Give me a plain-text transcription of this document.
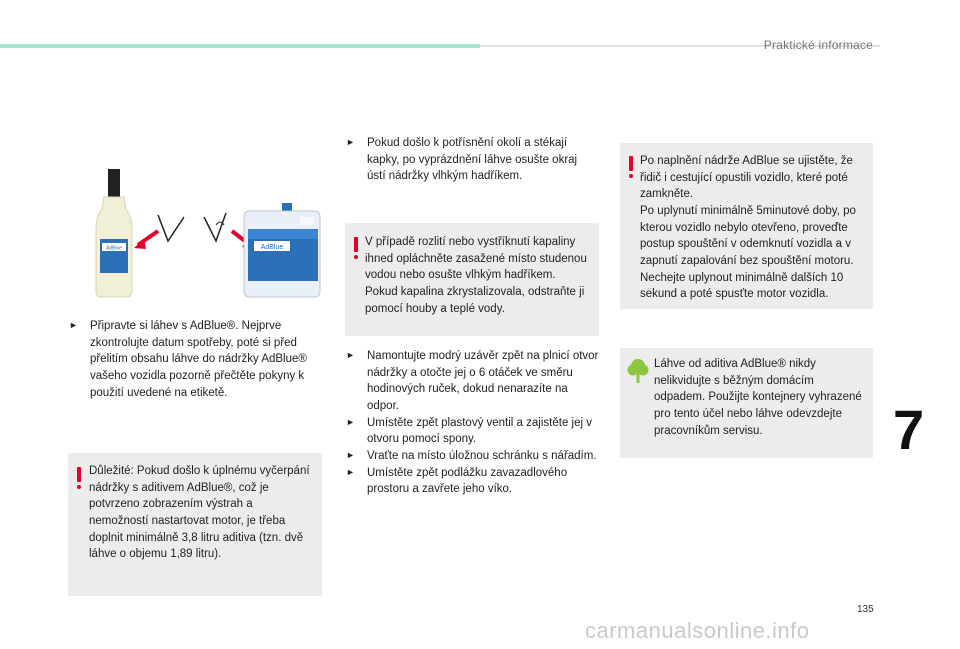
Praktické informace
AdBlue	AdBlue
► Připravte si láhev s AdBlue®. Nejprve zkontrolujte datum spotřeby, poté si před přelitím obsahu láhve do nádržky AdBlue® vašeho vozidla pozorně přečtěte pokyny k použití uvedené na etiketě.

Důležité: Pokud došlo k úplnému vyčerpání nádržky s aditivem AdBlue®, což je potvrzeno zobrazením výstrah a nemožností nastartovat motor, je třeba doplnit minimálně 3,8 litru aditiva (tzn. dvě láhve o objemu 1,89 litru).

► Pokud došlo k potřísnění okolí a stékají kapky, po vyprázdnění láhve osušte okraj ústí nádržky vlhkým hadříkem.

V případě rozlití nebo vystříknutí kapaliny ihned opláchněte zasažené místo studenou vodou nebo osušte vlhkým hadříkem.
Pokud kapalina zkrystalizovala, odstraňte ji pomocí houby a teplé vody.

► Namontujte modrý uzávěr zpět na plnicí otvor nádržky a otočte jej o 6 otáček ve směru hodinových ruček, dokud nenarazíte na odpor.
► Umístěte zpět plastový ventil a zajistěte jej v otvoru pomocí spony.
► Vraťte na místo úložnou schránku s nářadím.
► Umístěte zpět podlážku zavazadlového prostoru a zavřete jeho víko.

Po naplnění nádrže AdBlue se ujistěte, že řidič i cestující opustili vozidlo, které poté zamkněte.
Po uplynutí minimálně 5minutové doby, po kterou vozidlo nebylo otevřeno, proveďte postup spouštění v odemknutí vozidla a v zapnutí zapalování bez spouštění motoru. Nechejte uplynout minimálně dalších 10 sekund a poté spusťte motor vozidla.

Láhve od aditiva AdBlue® nikdy nelikvidujte s běžným domácím odpadem. Použijte kontejnery vyhrazené pro tento účel nebo láhve odevzdejte pracovníkům servisu.	7
135
carmanualsonline.info
